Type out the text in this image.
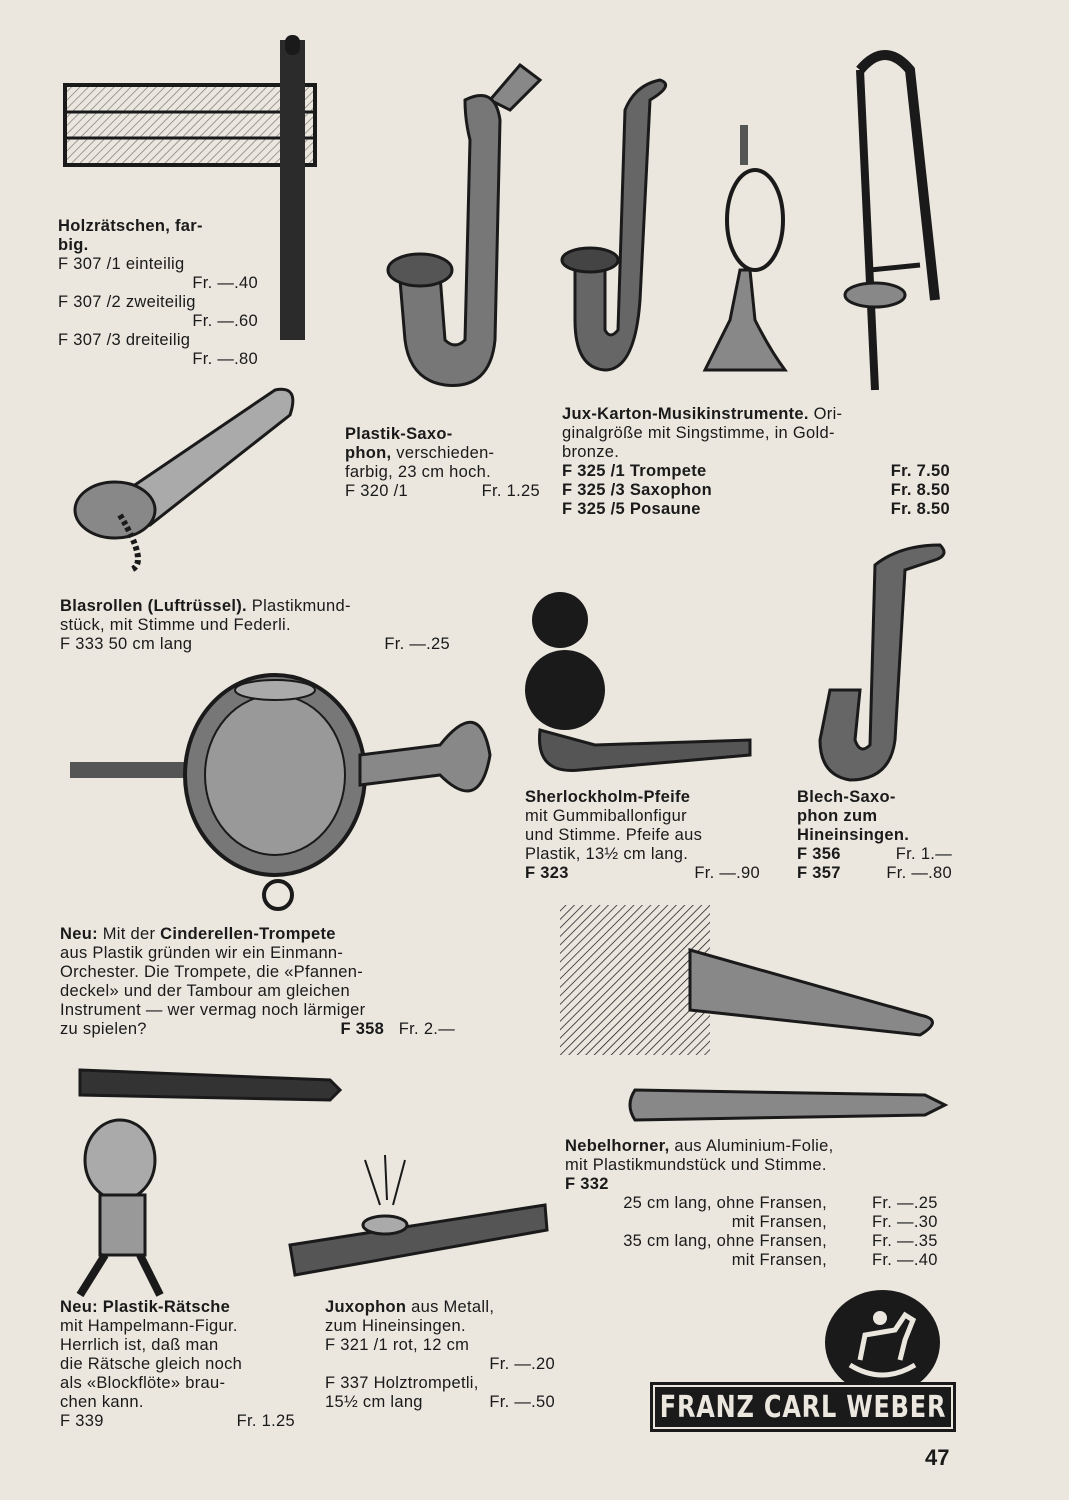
Holzrätschen, far-

big.

F 307 /1 einteilig

Fr. —.40

F 307 /2 zweiteilig

Fr. —.60

F 307 /3 dreiteilig

Fr. —.80

Plastik-Saxo-

phon, verschieden-

farbig, 23 cm hoch.

F 320 /1	Fr. 1.25

Jux-Karton-Musikinstrumente. Ori-

ginalgröße mit Singstimme, in Gold-

bronze.

F 325 /1 Trompete	Fr. 7.50

F 325 /3 Saxophon	Fr. 8.50

F 325 /5 Posaune	Fr. 8.50

Blasrollen (Luftrüssel). Plastikmund-

stück, mit Stimme und Federli.

F 333 50 cm lang	Fr. —.25

Sherlockholm-Pfeife

mit Gummiballonfigur

und Stimme. Pfeife aus

Plastik, 13½ cm lang.

F 323	Fr. —.90

Blech-Saxo-

phon zum

Hineinsingen.

F 356	Fr. 1.—

F 357	Fr. —.80

Neu: Mit der Cinderellen-Trompete

aus Plastik gründen wir ein Einmann-

Orchester. Die Trompete, die «Pfannen-

deckel» und der Tambour am gleichen

Instrument — wer vermag noch lärmiger

zu spielen?	F 358 Fr. 2.—

Nebelhorner, aus Aluminium-Folie,

mit Plastikmundstück und Stimme.

F 332

25 cm lang, ohne Fransen,	Fr. —.25

mit Fransen,	Fr. —.30

35 cm lang, ohne Fransen,	Fr. —.35

mit Fransen,	Fr. —.40

Neu: Plastik-Rätsche

mit Hampelmann-Figur.

Herrlich ist, daß man

die Rätsche gleich noch

als «Blockflöte» brau-

chen kann.

F 339	Fr. 1.25

Juxophon aus Metall,

zum Hineinsingen.

F 321 /1 rot, 12 cm

Fr. —.20

F 337 Holztrompetli,

15½ cm lang	Fr. —.50	FRANZ CARL WEBER
47
